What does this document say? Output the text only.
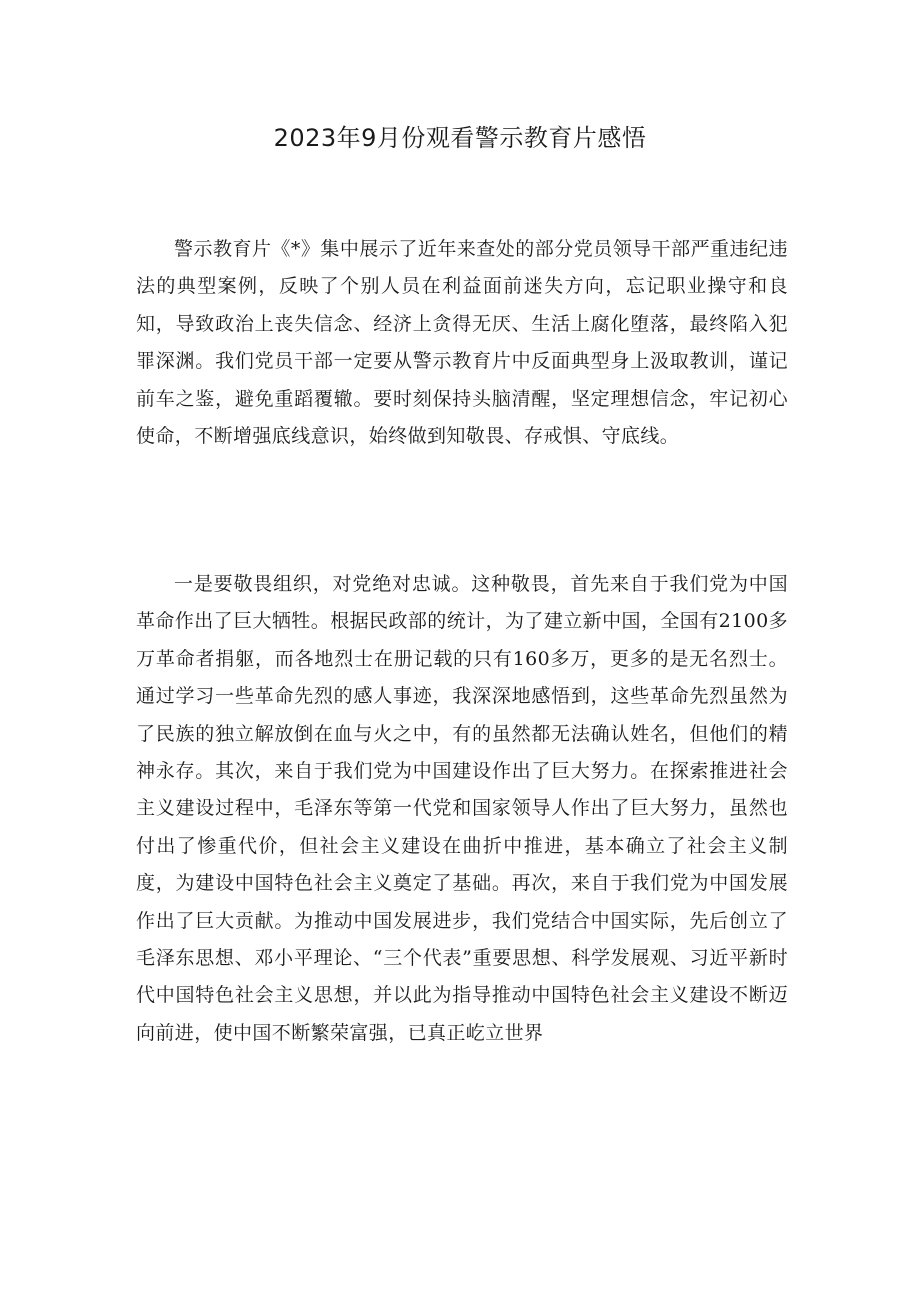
2023年9月份观看警示教育片感悟

警示教育片《*》集中展示了近年来查处的部分党员领导干部严重违纪违法的典型案例，反映了个别人员在利益面前迷失方向，忘记职业操守和良知，导致政治上丧失信念、经济上贪得无厌、生活上腐化堕落，最终陷入犯罪深渊。我们党员干部一定要从警示教育片中反面典型身上汲取教训，谨记前车之鉴，避免重蹈覆辙。要时刻保持头脑清醒，坚定理想信念，牢记初心使命，不断增强底线意识，始终做到知敬畏、存戒惧、守底线。

一是要敬畏组织，对党绝对忠诚。这种敬畏，首先来自于我们党为中国革命作出了巨大牺牲。根据民政部的统计，为了建立新中国，全国有2100多万革命者捐躯，而各地烈士在册记载的只有160多万，更多的是无名烈士。通过学习一些革命先烈的感人事迹，我深深地感悟到，这些革命先烈虽然为了民族的独立解放倒在血与火之中，有的虽然都无法确认姓名，但他们的精神永存。其次，来自于我们党为中国建设作出了巨大努力。在探索推进社会主义建设过程中，毛泽东等第一代党和国家领导人作出了巨大努力，虽然也付出了惨重代价，但社会主义建设在曲折中推进，基本确立了社会主义制度，为建设中国特色社会主义奠定了基础。再次，来自于我们党为中国发展作出了巨大贡献。为推动中国发展进步，我们党结合中国实际，先后创立了毛泽东思想、邓小平理论、“三个代表”重要思想、科学发展观、习近平新时代中国特色社会主义思想，并以此为指导推动中国特色社会主义建设不断迈向前进，使中国不断繁荣富强，已真正屹立世界
